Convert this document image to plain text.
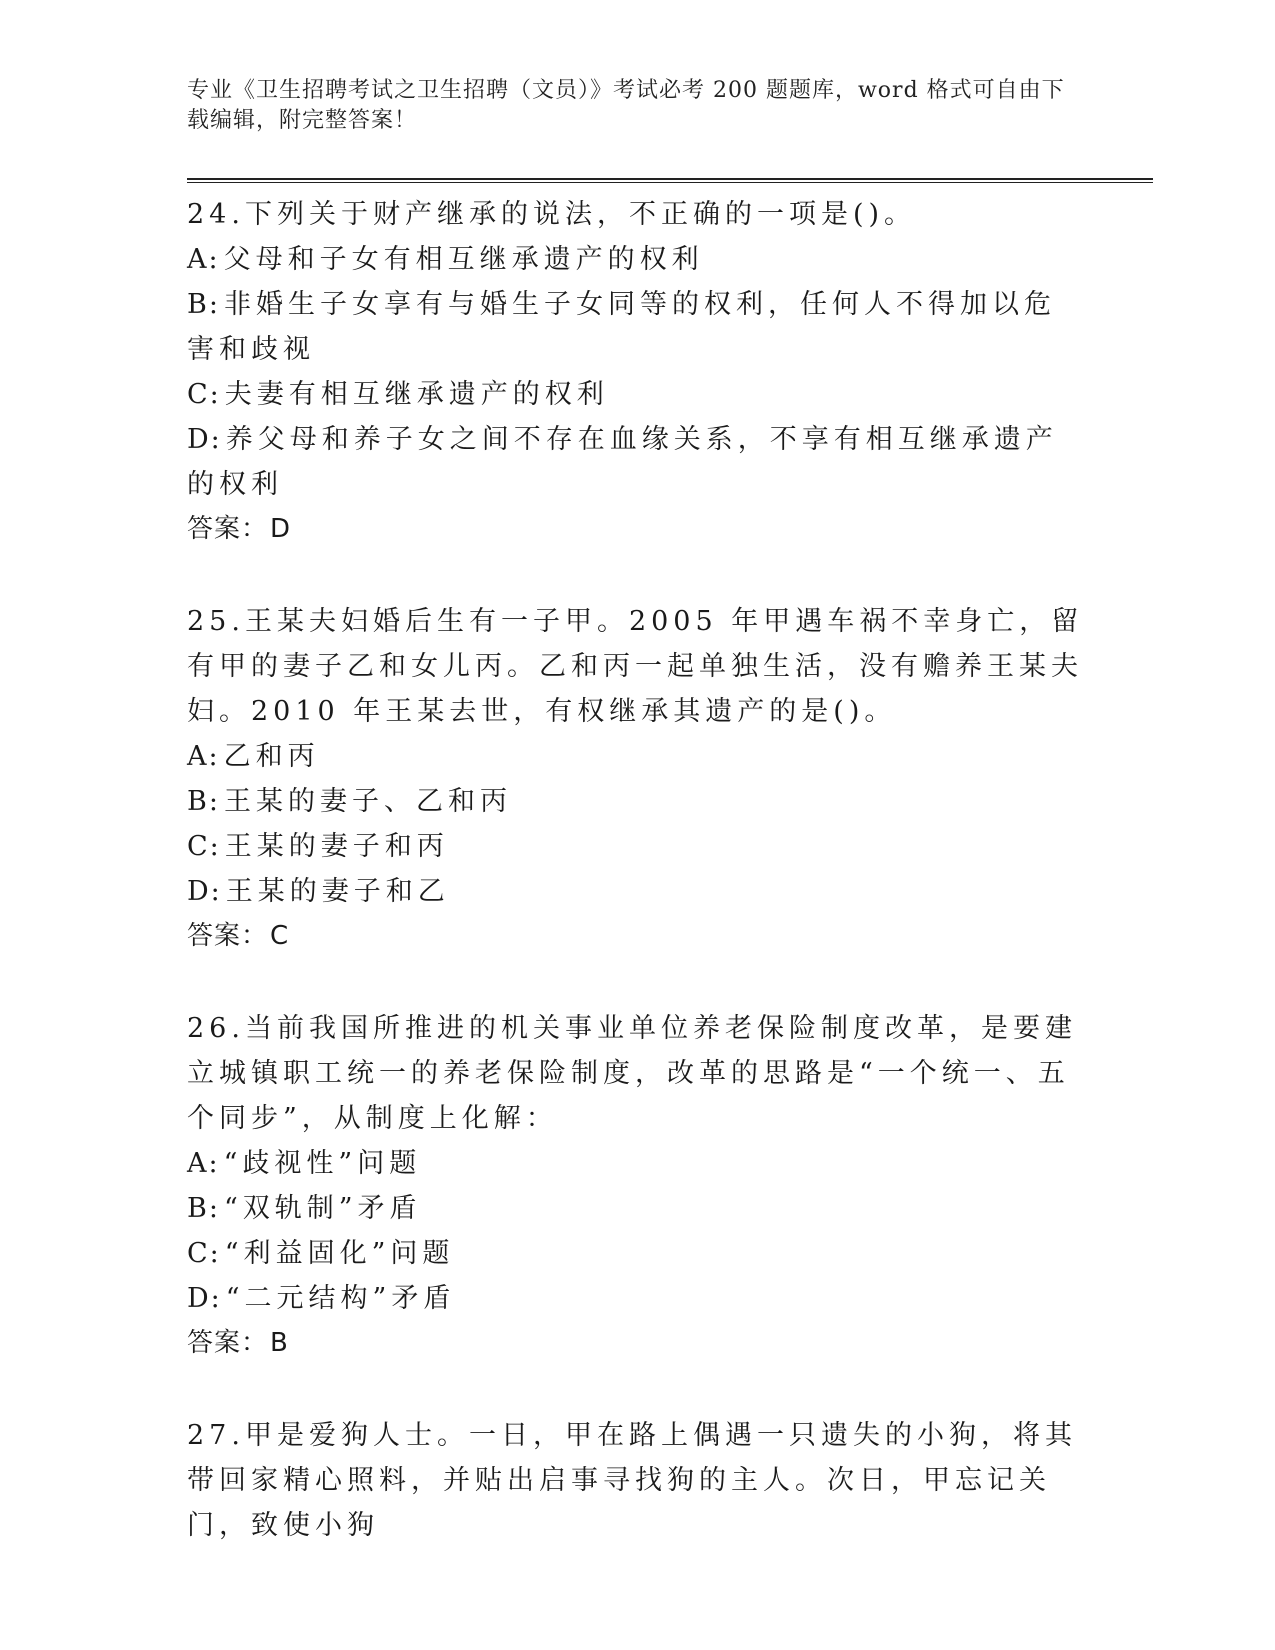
专业《卫生招聘考试之卫生招聘（文员）》考试必考 200 题题库，word 格式可自由下载编辑，附完整答案！

24.下列关于财产继承的说法，不正确的一项是()。

A: 父母和子女有相互继承遗产的权利

B: 非婚生子女享有与婚生子女同等的权利，任何人不得加以危害和歧视

C: 夫妻有相互继承遗产的权利

D: 养父母和养子女之间不存在血缘关系，不享有相互继承遗产的权利

答案：D

25.王某夫妇婚后生有一子甲。2005 年甲遇车祸不幸身亡，留有甲的妻子乙和女儿丙。乙和丙一起单独生活，没有赡养王某夫妇。2010 年王某去世，有权继承其遗产的是()。

A: 乙和丙

B: 王某的妻子、乙和丙

C: 王某的妻子和丙

D: 王某的妻子和乙

答案：C

26.当前我国所推进的机关事业单位养老保险制度改革，是要建立城镇职工统一的养老保险制度，改革的思路是“一个统一、五个同步”，从制度上化解：

A: “歧视性”问题

B: “双轨制”矛盾

C: “利益固化”问题

D: “二元结构”矛盾

答案：B

27.甲是爱狗人士。一日，甲在路上偶遇一只遗失的小狗，将其带回家精心照料，并贴出启事寻找狗的主人。次日，甲忘记关门，致使小狗
